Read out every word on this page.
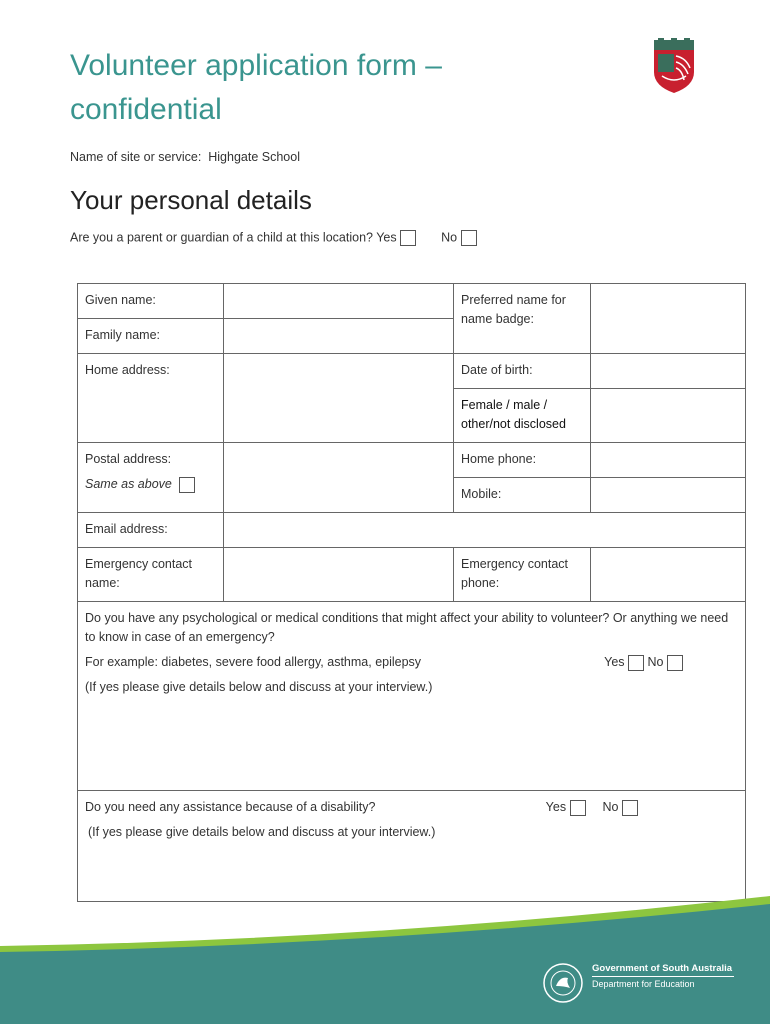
Volunteer application form – confidential
Name of site or service: Highgate School
Your personal details
Are you a parent or guardian of a child at this location? Yes	No
Given name:		Preferred name for name badge:	
Family name:			
Home address:		Date of birth:	
		Female / male / other/not disclosed	

Postal address:
Same as above		Home phone:	
		Mobile:	
Email address:			
Emergency contact name:		Emergency contact phone:	

Do you have any psychological or medical conditions that might affect your ability to volunteer? Or anything we need to know in case of an emergency?
For example: diabetes, severe food allergy, asthma, epilepsy Yes No
(If yes please give details below and discuss at your interview.)			

Do you need any assistance because of a disability? Yes No
(If yes please give details below and discuss at your interview.)			
Government of South Australia
Department for Education
